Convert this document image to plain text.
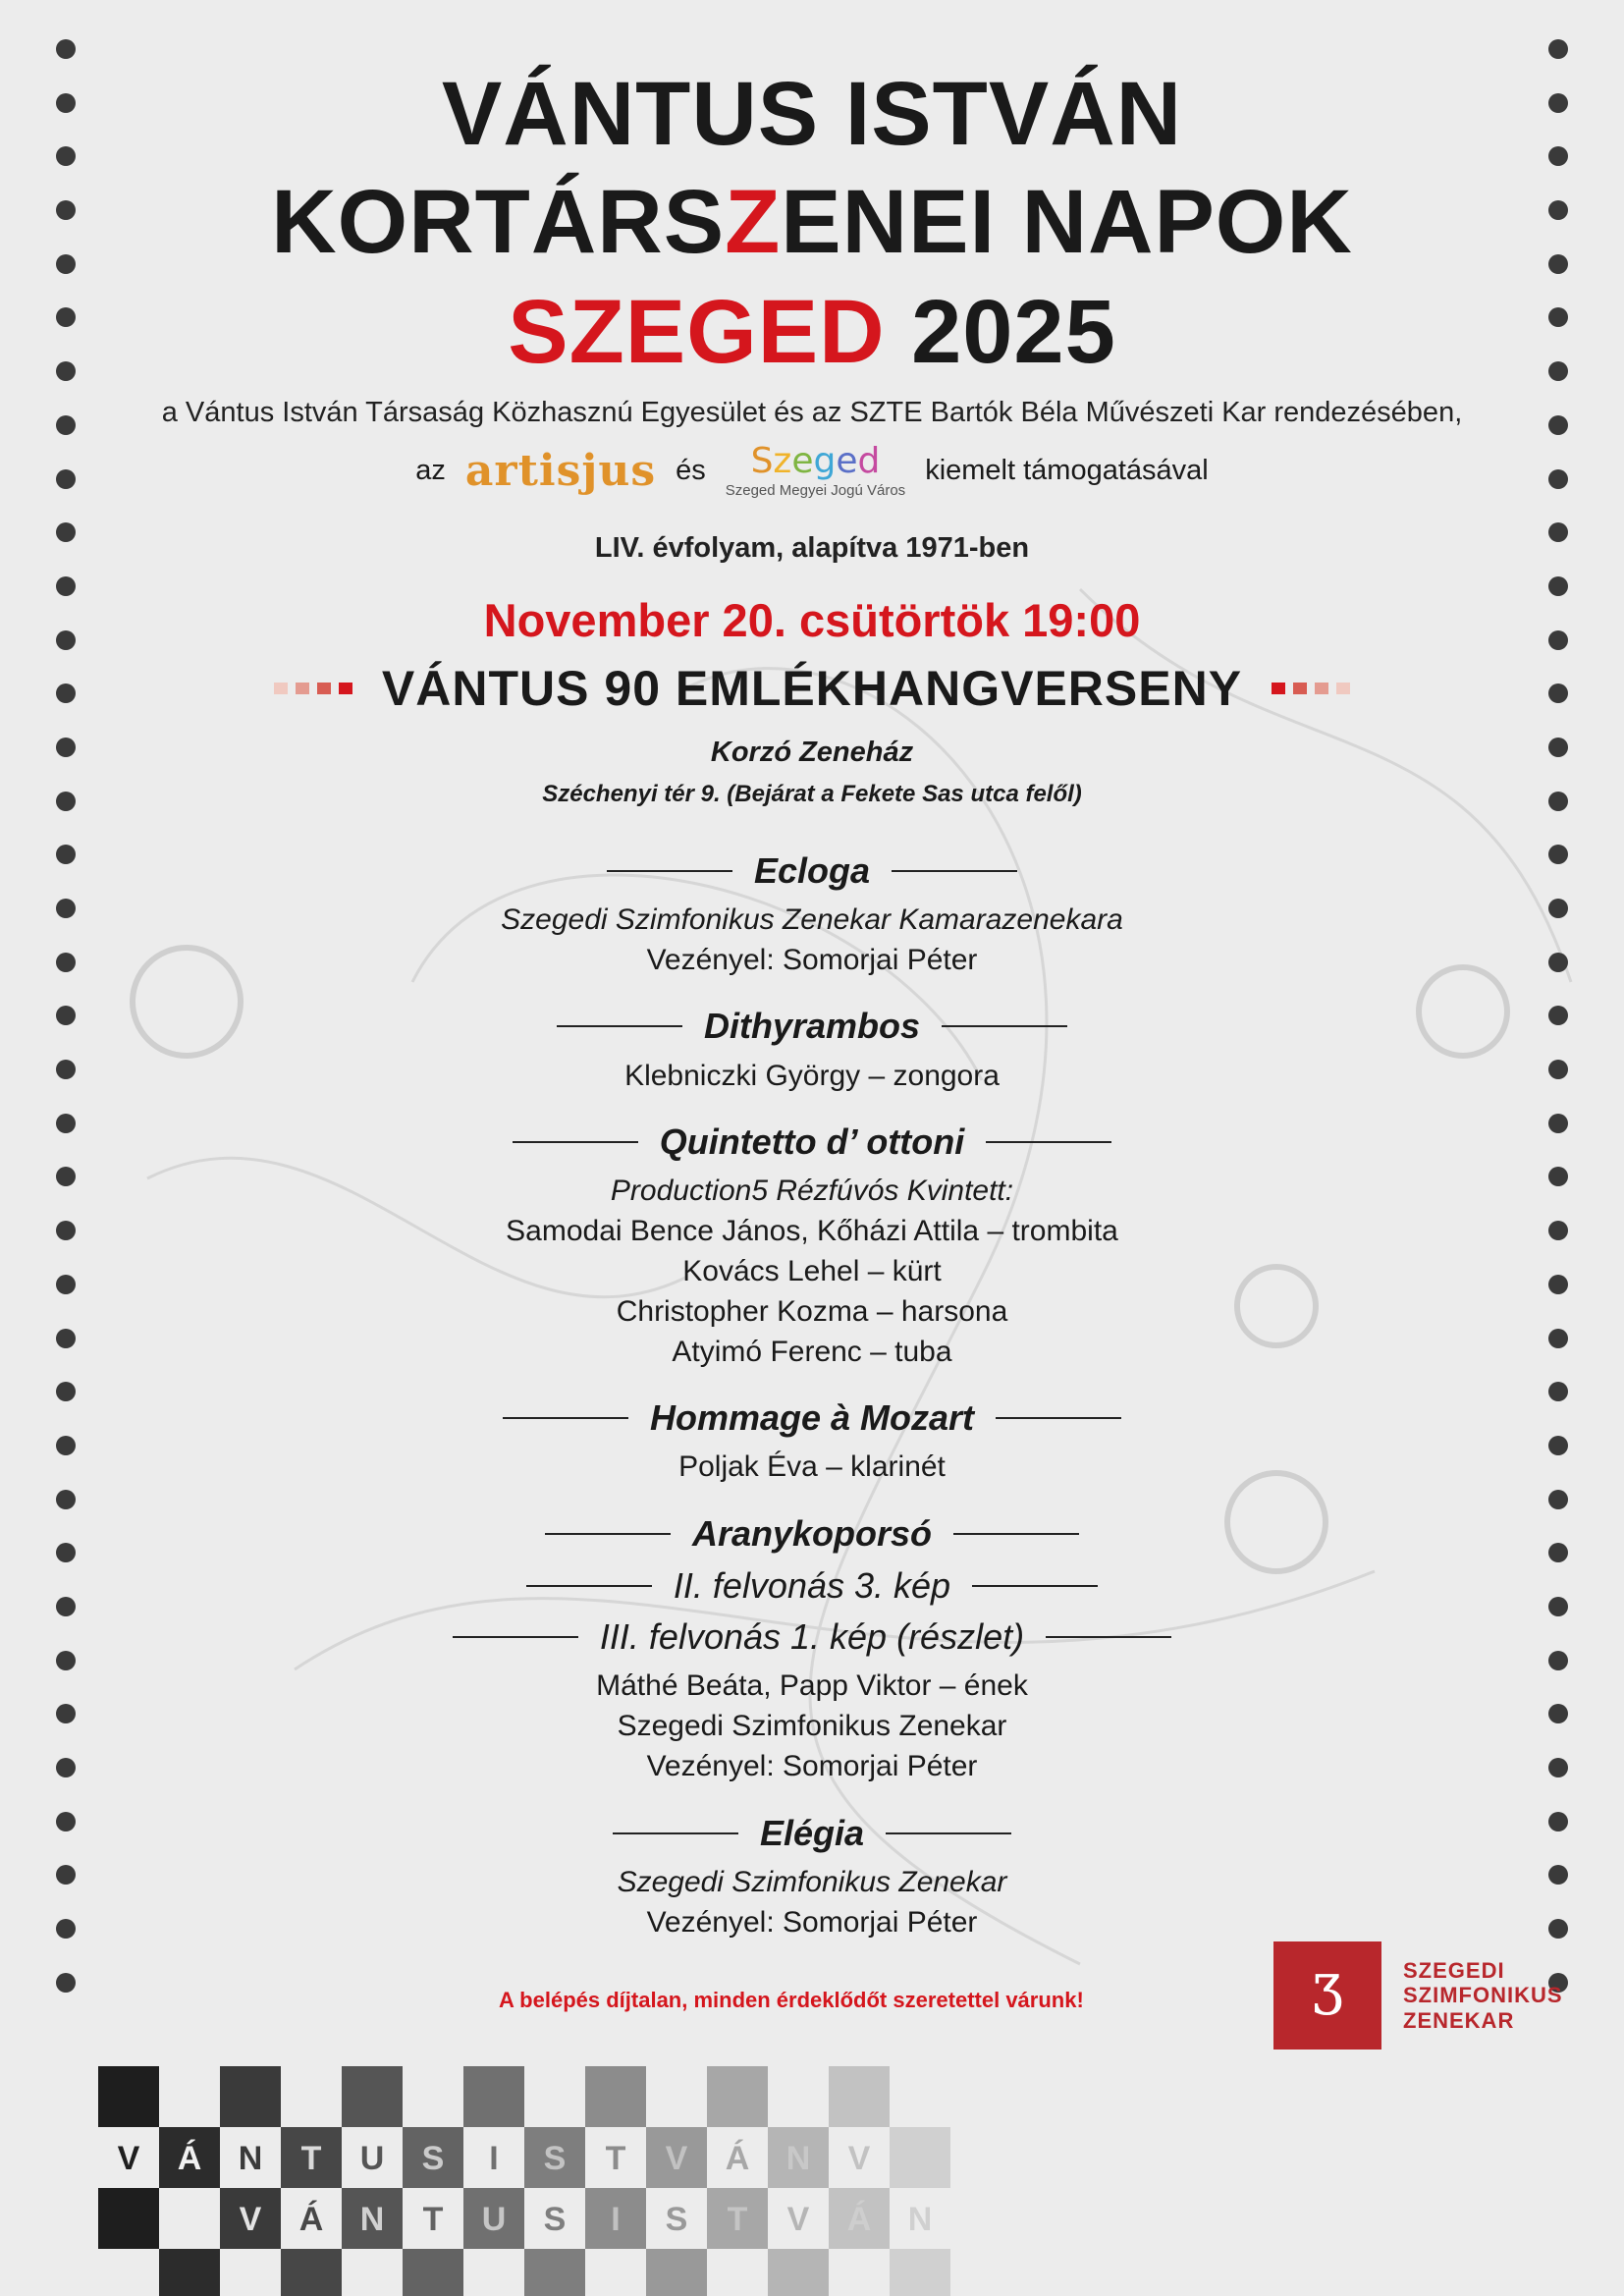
VÁNTUS ISTVÁN
KORTÁRSZENEI NAPOK
SZEGED 2025
a Vántus István Társaság Közhasznú Egyesület és az SZTE Bartók Béla Művészeti Kar rendezésében,
az artisjus és Szeged
Szeged Megyei Jogú Város
kiemelt támogatásával
LIV. évfolyam, alapítva 1971-ben
November 20. csütörtök 19:00
VÁNTUS 90 EMLÉKHANGVERSENY
Korzó Zeneház
Széchenyi tér 9. (Bejárat a Fekete Sas utca felől)
Ecloga
Szegedi Szimfonikus Zenekar Kamarazenekara
Vezényel: Somorjai Péter
Dithyrambos
Klebniczki György – zongora
Quintetto d’ ottoni
Production5 Rézfúvós Kvintett:
Samodai Bence János, Kőházi Attila – trombita
Kovács Lehel – kürt
Christopher Kozma – harsona
Atyimó Ferenc – tuba
Hommage à Mozart
Poljak Éva – klarinét
Aranykoporsó
II. felvonás 3. kép
III. felvonás 1. kép (részlet)
Máthé Beáta, Papp Viktor – ének
Szegedi Szimfonikus Zenekar
Vezényel: Somorjai Péter
Elégia
Szegedi Szimfonikus Zenekar
Vezényel: Somorjai Péter
A belépés díjtalan, minden érdeklődőt szeretettel várunk!	Ʒ	SZEGEDI
SZIMFONIKUS
ZENEKAR
V Á N T U S I S T V Á N V
V Á N T U S I S T V Á N
